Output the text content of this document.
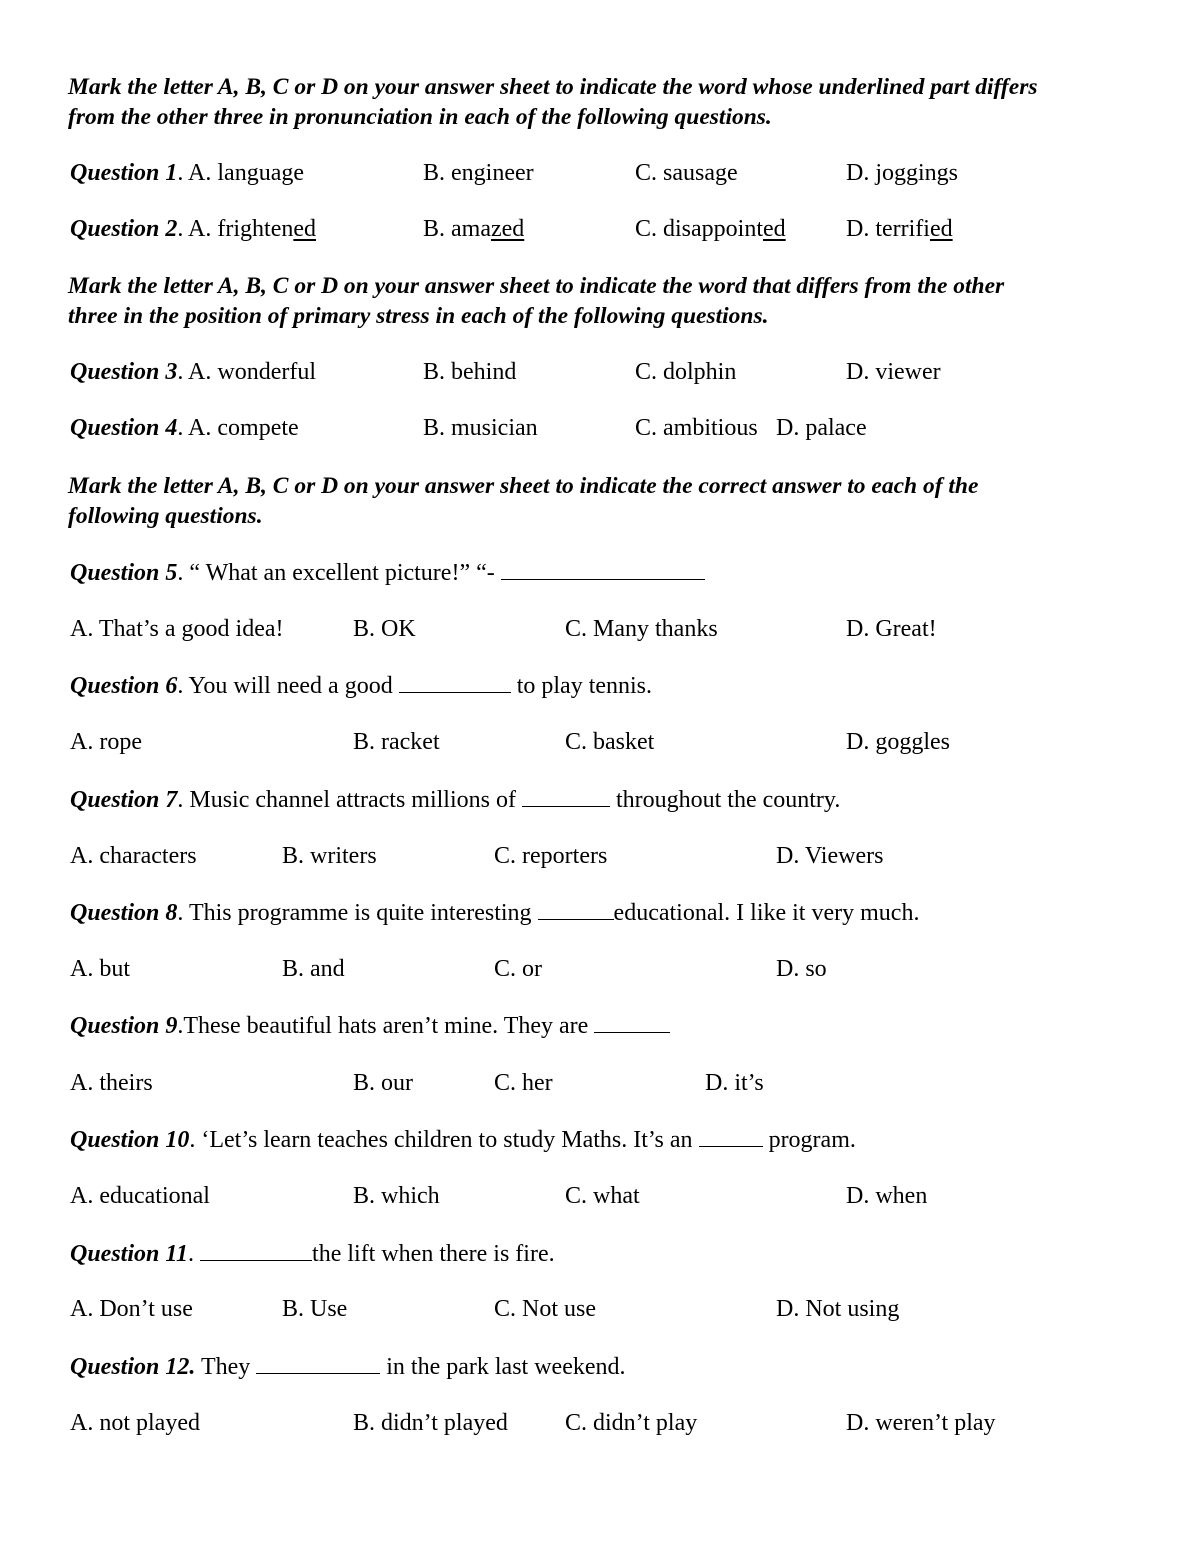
Mark the letter A, B, C or D on your answer sheet to indicate the word whose underlined part differs
from the other three in pronunciation in each of the following questions.
Question 1. A. language	B. engineer	C. sausage	D. joggings
Question 2. A. frightened	B. amazed	C. disappointed	D. terrified
Mark the letter A, B, C or D on your answer sheet to indicate the word that differs from the other
three in the position of primary stress in each of the following questions.
Question 3. A. wonderful	B. behind	C. dolphin	D. viewer
Question 4. A. compete	B. musician	C. ambitious D. palace
Mark the letter A, B, C or D on your answer sheet to indicate the correct answer to each of the
following questions.
Question 5. “ What an excellent picture!” “-
A. That’s a good idea!	B. OK	C. Many thanks	D. Great!
Question 6. You will need a good	to play tennis.
A. rope	B. racket	C. basket	D. goggles
Question 7. Music channel attracts millions of	throughout the country.
A. characters	B. writers	C. reporters	D. Viewers
Question 8. This programme is quite interesting	educational. I like it very much.
A. but	B. and	C. or	D. so
Question 9.These beautiful hats aren’t mine. They are
A. theirs	B. our	C. her	D. it’s
Question 10. ‘Let’s learn teaches children to study Maths. It’s an	program.
A. educational	B. which	C. what	D. when
Question 11.	the lift when there is fire.
A. Don’t use	B. Use	C. Not use	D. Not using
Question 12. They	in the park last weekend.
A. not played	B. didn’t played C. didn’t play	D. weren’t play
